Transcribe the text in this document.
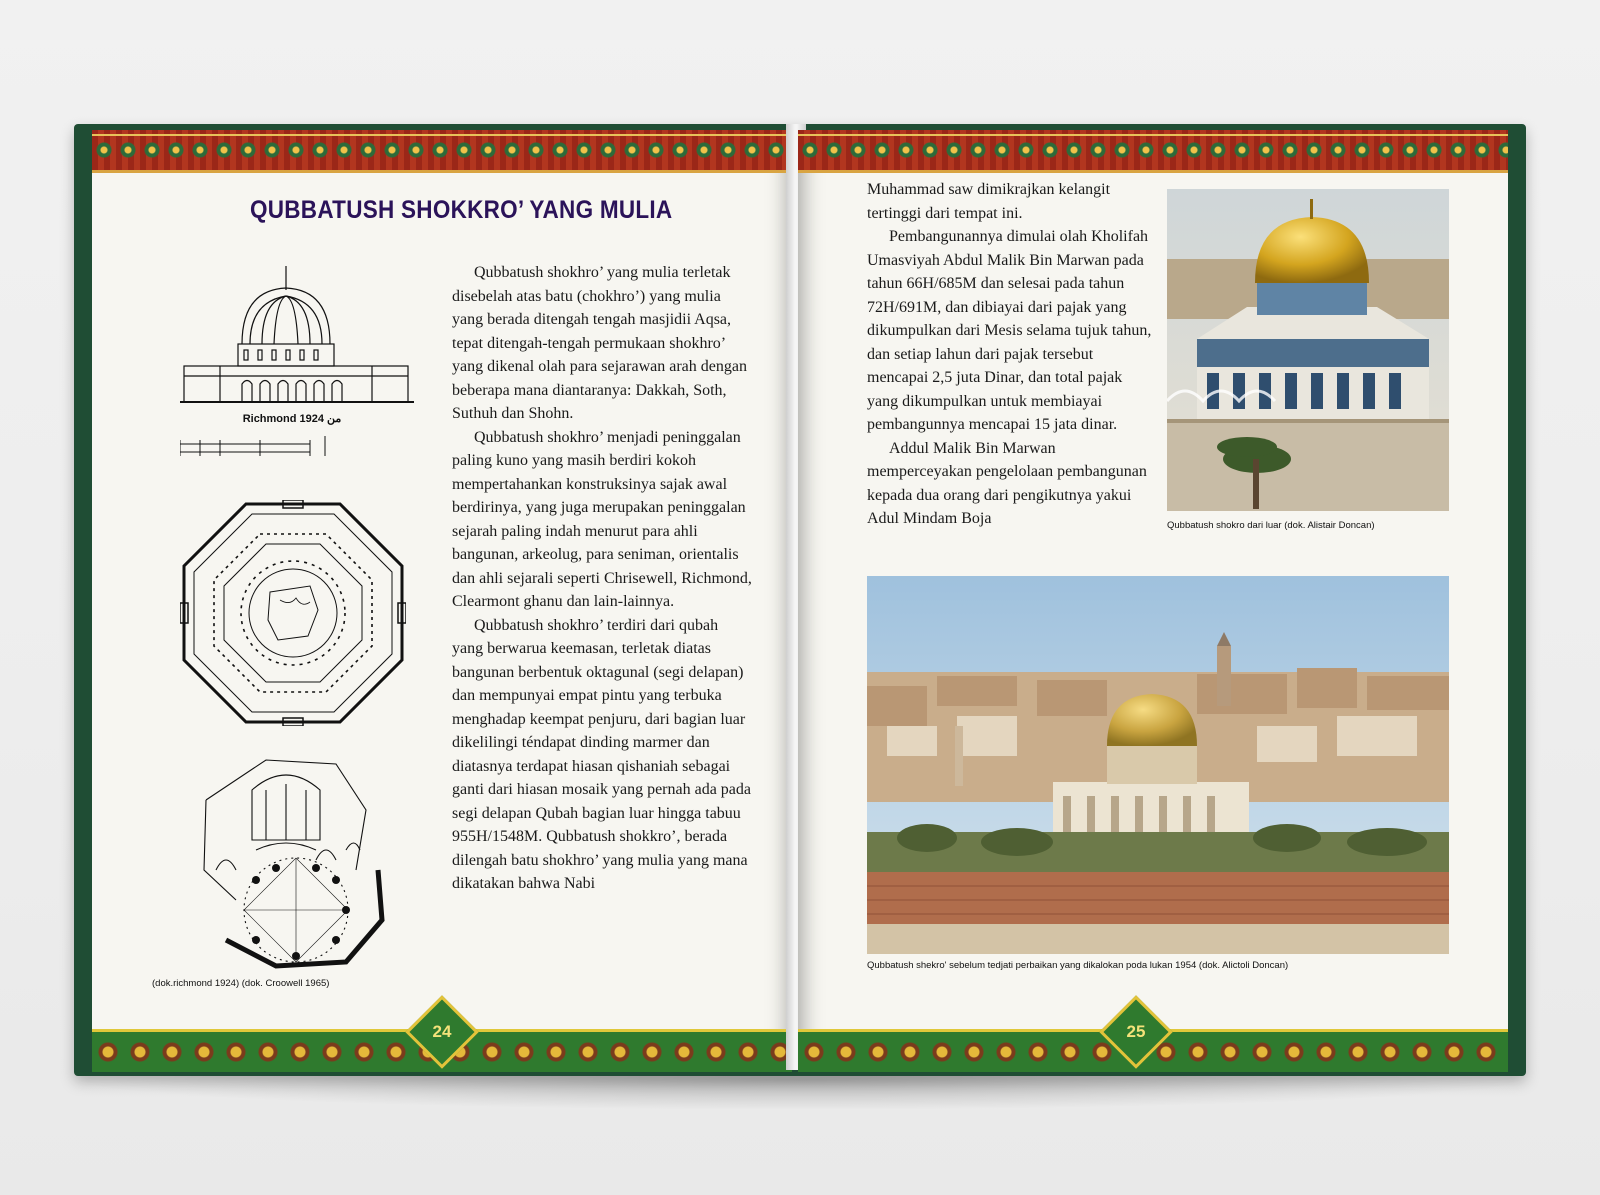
QUBBATUSH SHOKKRO’ YANG MULIA
Richmond 1924 من
(dok.richmond 1924) (dok. Croowell 1965)

Qubbatush shokhro’ yang mulia terletak disebelah atas batu (chokhro’) yang mulia yang berada ditengah tengah masjidii Aqsa, tepat ditengah-tengah permukaan shokhro’ yang dikenal olah para sejarawan arah dengan beberapa mana diantaranya: Dakkah, Soth, Suthuh dan Shohn.

Qubbatush shokhro’ menjadi peninggalan paling kuno yang masih berdiri kokoh mempertahankan konstruksinya sajak awal berdirinya, yang juga merupakan peninggalan sejarah paling indah menurut para ahli bangunan, arkeolug, para seniman, orientalis dan ahli sejarali seperti Chrisewell, Richmond, Clearmont ghanu dan lain-lainnya.

Qubbatush shokhro’ terdiri dari qubah yang berwarua keemasan, terletak diatas bangunan berbentuk oktagunal (segi delapan) dan mempunyai empat pintu yang terbuka menghadap keempat penjuru, dari bagian luar dikelilingi téndapat dinding marmer dan diatasnya terdapat hiasan qishaniah sebagai ganti dari hiasan mosaik yang pernah ada pada segi delapan Qubah bagian luar hingga tabuu 955H/1548M. Qubbatush shokkro’, berada dilengah batu shokhro’ yang mulia yang mana dikatakan bahwa Nabi

24

Muhammad saw dimikrajkan kelangit tertinggi dari tempat ini.

Pembangunannya dimulai olah Kholifah Umasviyah Abdul Malik Bin Marwan pada tahun 66H/685M dan selesai pada tahun 72H/691M, dan dibiayai dari pajak yang dikumpulkan dari Mesis selama tujuk tahun, dan setiap lahun dari pajak tersebut mencapai 2,5 juta Dinar, dan total pajak yang dikumpulkan untuk membiayai pembangunnya mencapai 15 jata dinar.

Addul Malik Bin Marwan memperceyakan pengelolaan pembangunan kepada dua orang dari pengikutnya yakui Adul Mindam Boja	Qubbatush shokro dari luar (dok. Alistair Doncan)
Qubbatush shekro' sebelum tedjati perbaikan yang dikalokan poda lukan 1954 (dok. Alictoli Doncan)
25
